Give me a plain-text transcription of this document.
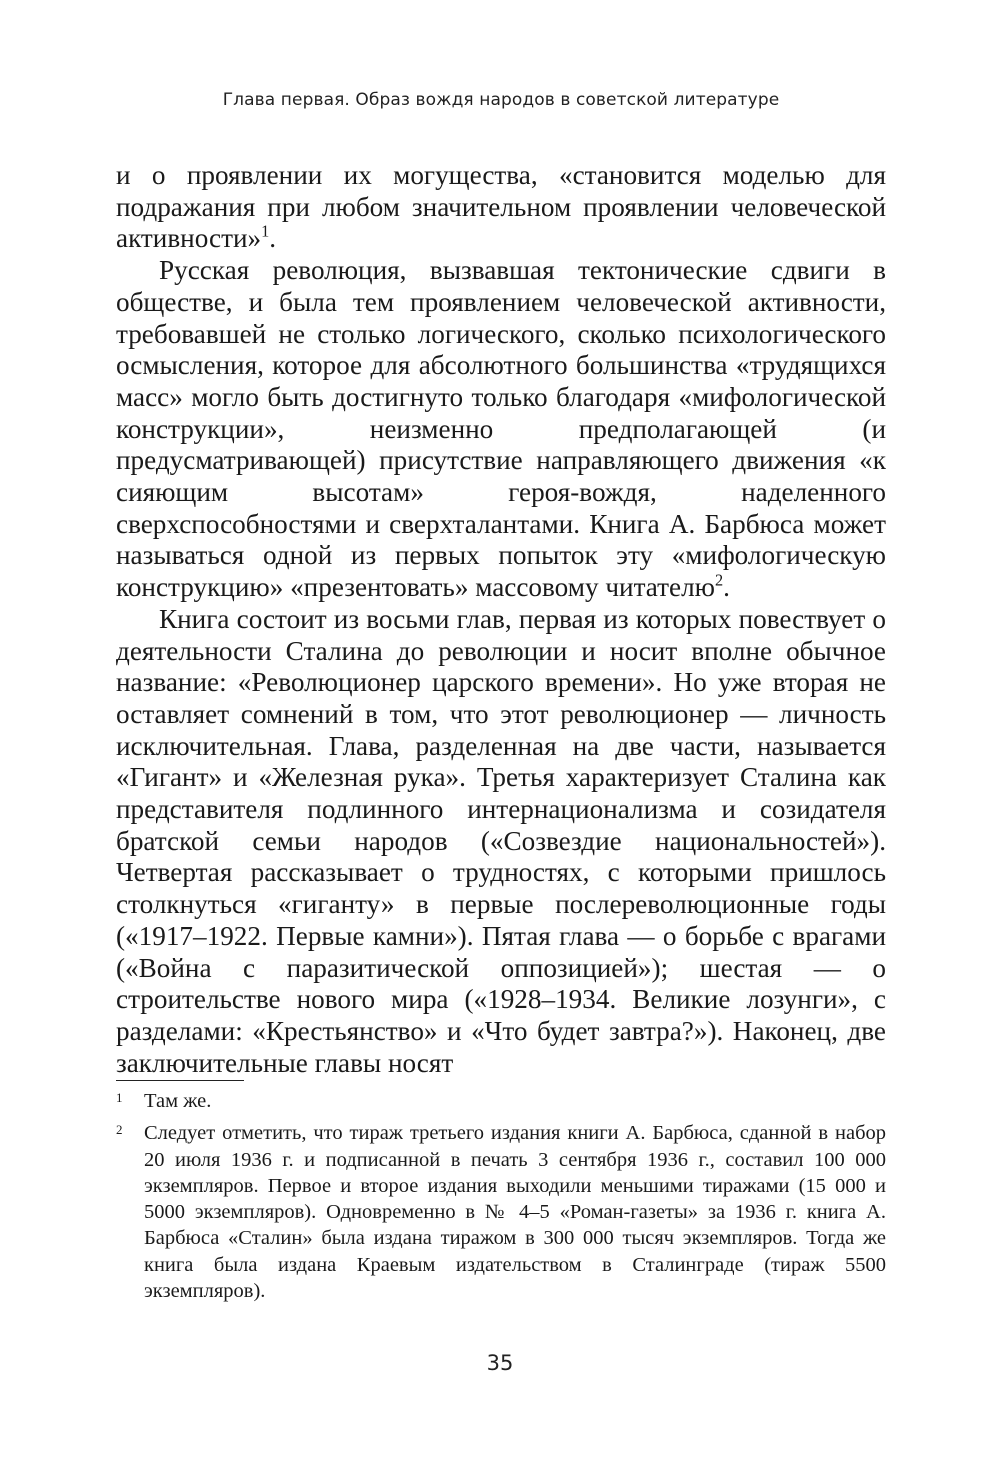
Глава первая. Образ вождя народов в советской литературе

и о проявлении их могущества, «становится моделью для подражания при любом значительном проявлении человеческой активности»$^1$.

Русская революция, вызвавшая тектонические сдвиги в обществе, и была тем проявлением человеческой активности, требовавшей не столько логического, сколько психологического осмысления, которое для абсолютного большинства «трудящихся масс» могло быть достигнуто только благодаря «мифологической конструкции», неизменно предполагающей (и предусматривающей) присутствие направляющего движения «к сияющим высотам» героя-вождя, наделенного сверхспособностями и сверхталантами. Книга А. Барбюса может называться одной из первых попыток эту «мифологическую конструкцию» «презентовать» массовому читателю$^2$.

Книга состоит из восьми глав, первая из которых повествует о деятельности Сталина до революции и носит вполне обычное название: «Революционер царского времени». Но уже вторая не оставляет сомнений в том, что этот революционер — личность исключительная. Глава, разделенная на две части, называется «Гигант» и «Железная рука». Третья характеризует Сталина как представителя подлинного интернационализма и созидателя братской семьи народов («Созвездие национальностей»). Четвертая рассказывает о трудностях, с которыми пришлось столкнуться «гиганту» в первые послереволюционные годы («1917–1922. Первые камни»). Пятая глава — о борьбе с врагами («Война с паразитической оппозицией»); шестая — о строительстве нового мира («1928–1934. Великие лозунги», с разделами: «Крестьянство» и «Что будет завтра?»). Наконец, две заключительные главы носят

1 Там же.
2 Следует отметить, что тираж третьего издания книги А. Барбюса, сданной в набор 20 июля 1936 г. и подписанной в печать 3 сентября 1936 г., составил 100 000 экземпляров. Первое и второе издания выходили меньшими тиражами (15 000 и 5000 экземпляров). Одновременно в № 4–5 «Роман-газеты» за 1936 г. книга А. Барбюса «Сталин» была издана тиражом в 300 000 тысяч экземпляров. Тогда же книга была издана Краевым издательством в Сталинграде (тираж 5500 экземпляров).
35
